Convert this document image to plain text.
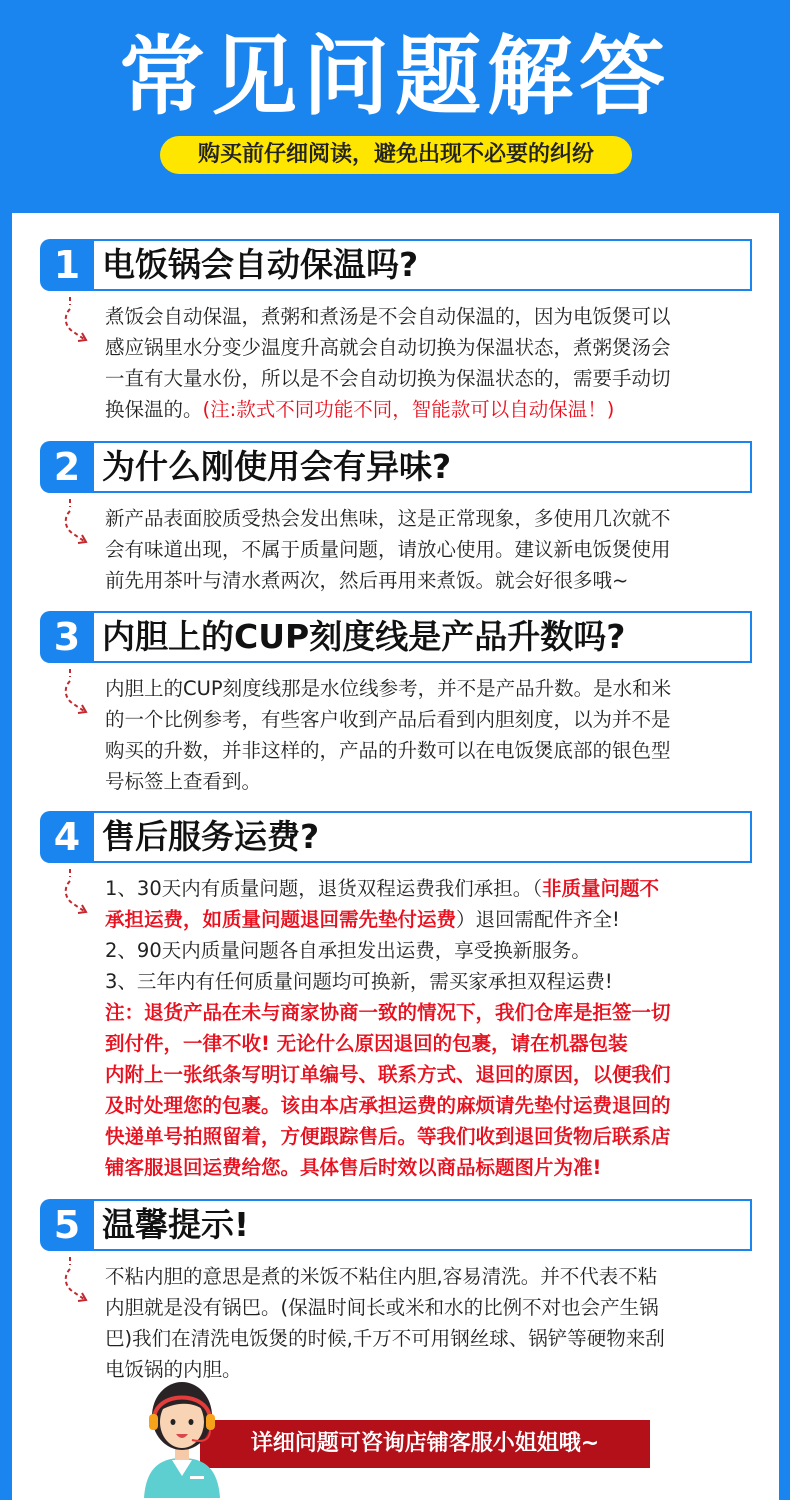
常见问题解答
购买前仔细阅读，避免出现不必要的纠纷
1 电饭锅会自动保温吗?
煮饭会自动保温，煮粥和煮汤是不会自动保温的，因为电饭煲可以
感应锅里水分变少温度升高就会自动切换为保温状态，煮粥煲汤会
一直有大量水份，所以是不会自动切换为保温状态的，需要手动切
换保温的。(注:款式不同功能不同，智能款可以自动保温！)
2 为什么刚使用会有异味?
新产品表面胶质受热会发出焦味，这是正常现象，多使用几次就不
会有味道出现，不属于质量问题，请放心使用。建议新电饭煲使用
前先用茶叶与清水煮两次，然后再用来煮饭。就会好很多哦~
3 内胆上的CUP刻度线是产品升数吗?
内胆上的CUP刻度线那是水位线参考，并不是产品升数。是水和米
的一个比例参考，有些客户收到产品后看到内胆刻度，以为并不是
购买的升数，并非这样的，产品的升数可以在电饭煲底部的银色型
号标签上查看到。
4 售后服务运费?
1、30天内有质量问题，退货双程运费我们承担。（非质量问题不
承担运费，如质量问题退回需先垫付运费）退回需配件齐全!
2、90天内质量问题各自承担发出运费，享受换新服务。
3、三年内有任何质量问题均可换新，需买家承担双程运费!
注：退货产品在未与商家协商一致的情况下，我们仓库是拒签一切
到付件，一律不收! 无论什么原因退回的包裹，请在机器包装
内附上一张纸条写明订单编号、联系方式、退回的原因，以便我们
及时处理您的包裹。该由本店承担运费的麻烦请先垫付运费退回的
快递单号拍照留着，方便跟踪售后。等我们收到退回货物后联系店
铺客服退回运费给您。具体售后时效以商品标题图片为准!
5 温馨提示!
不粘内胆的意思是煮的米饭不粘住内胆,容易清洗。并不代表不粘
内胆就是没有锅巴。(保温时间长或米和水的比例不对也会产生锅
巴)我们在清洗电饭煲的时候,千万不可用钢丝球、锅铲等硬物来刮
电饭锅的内胆。
详细问题可咨询店铺客服小姐姐哦~
